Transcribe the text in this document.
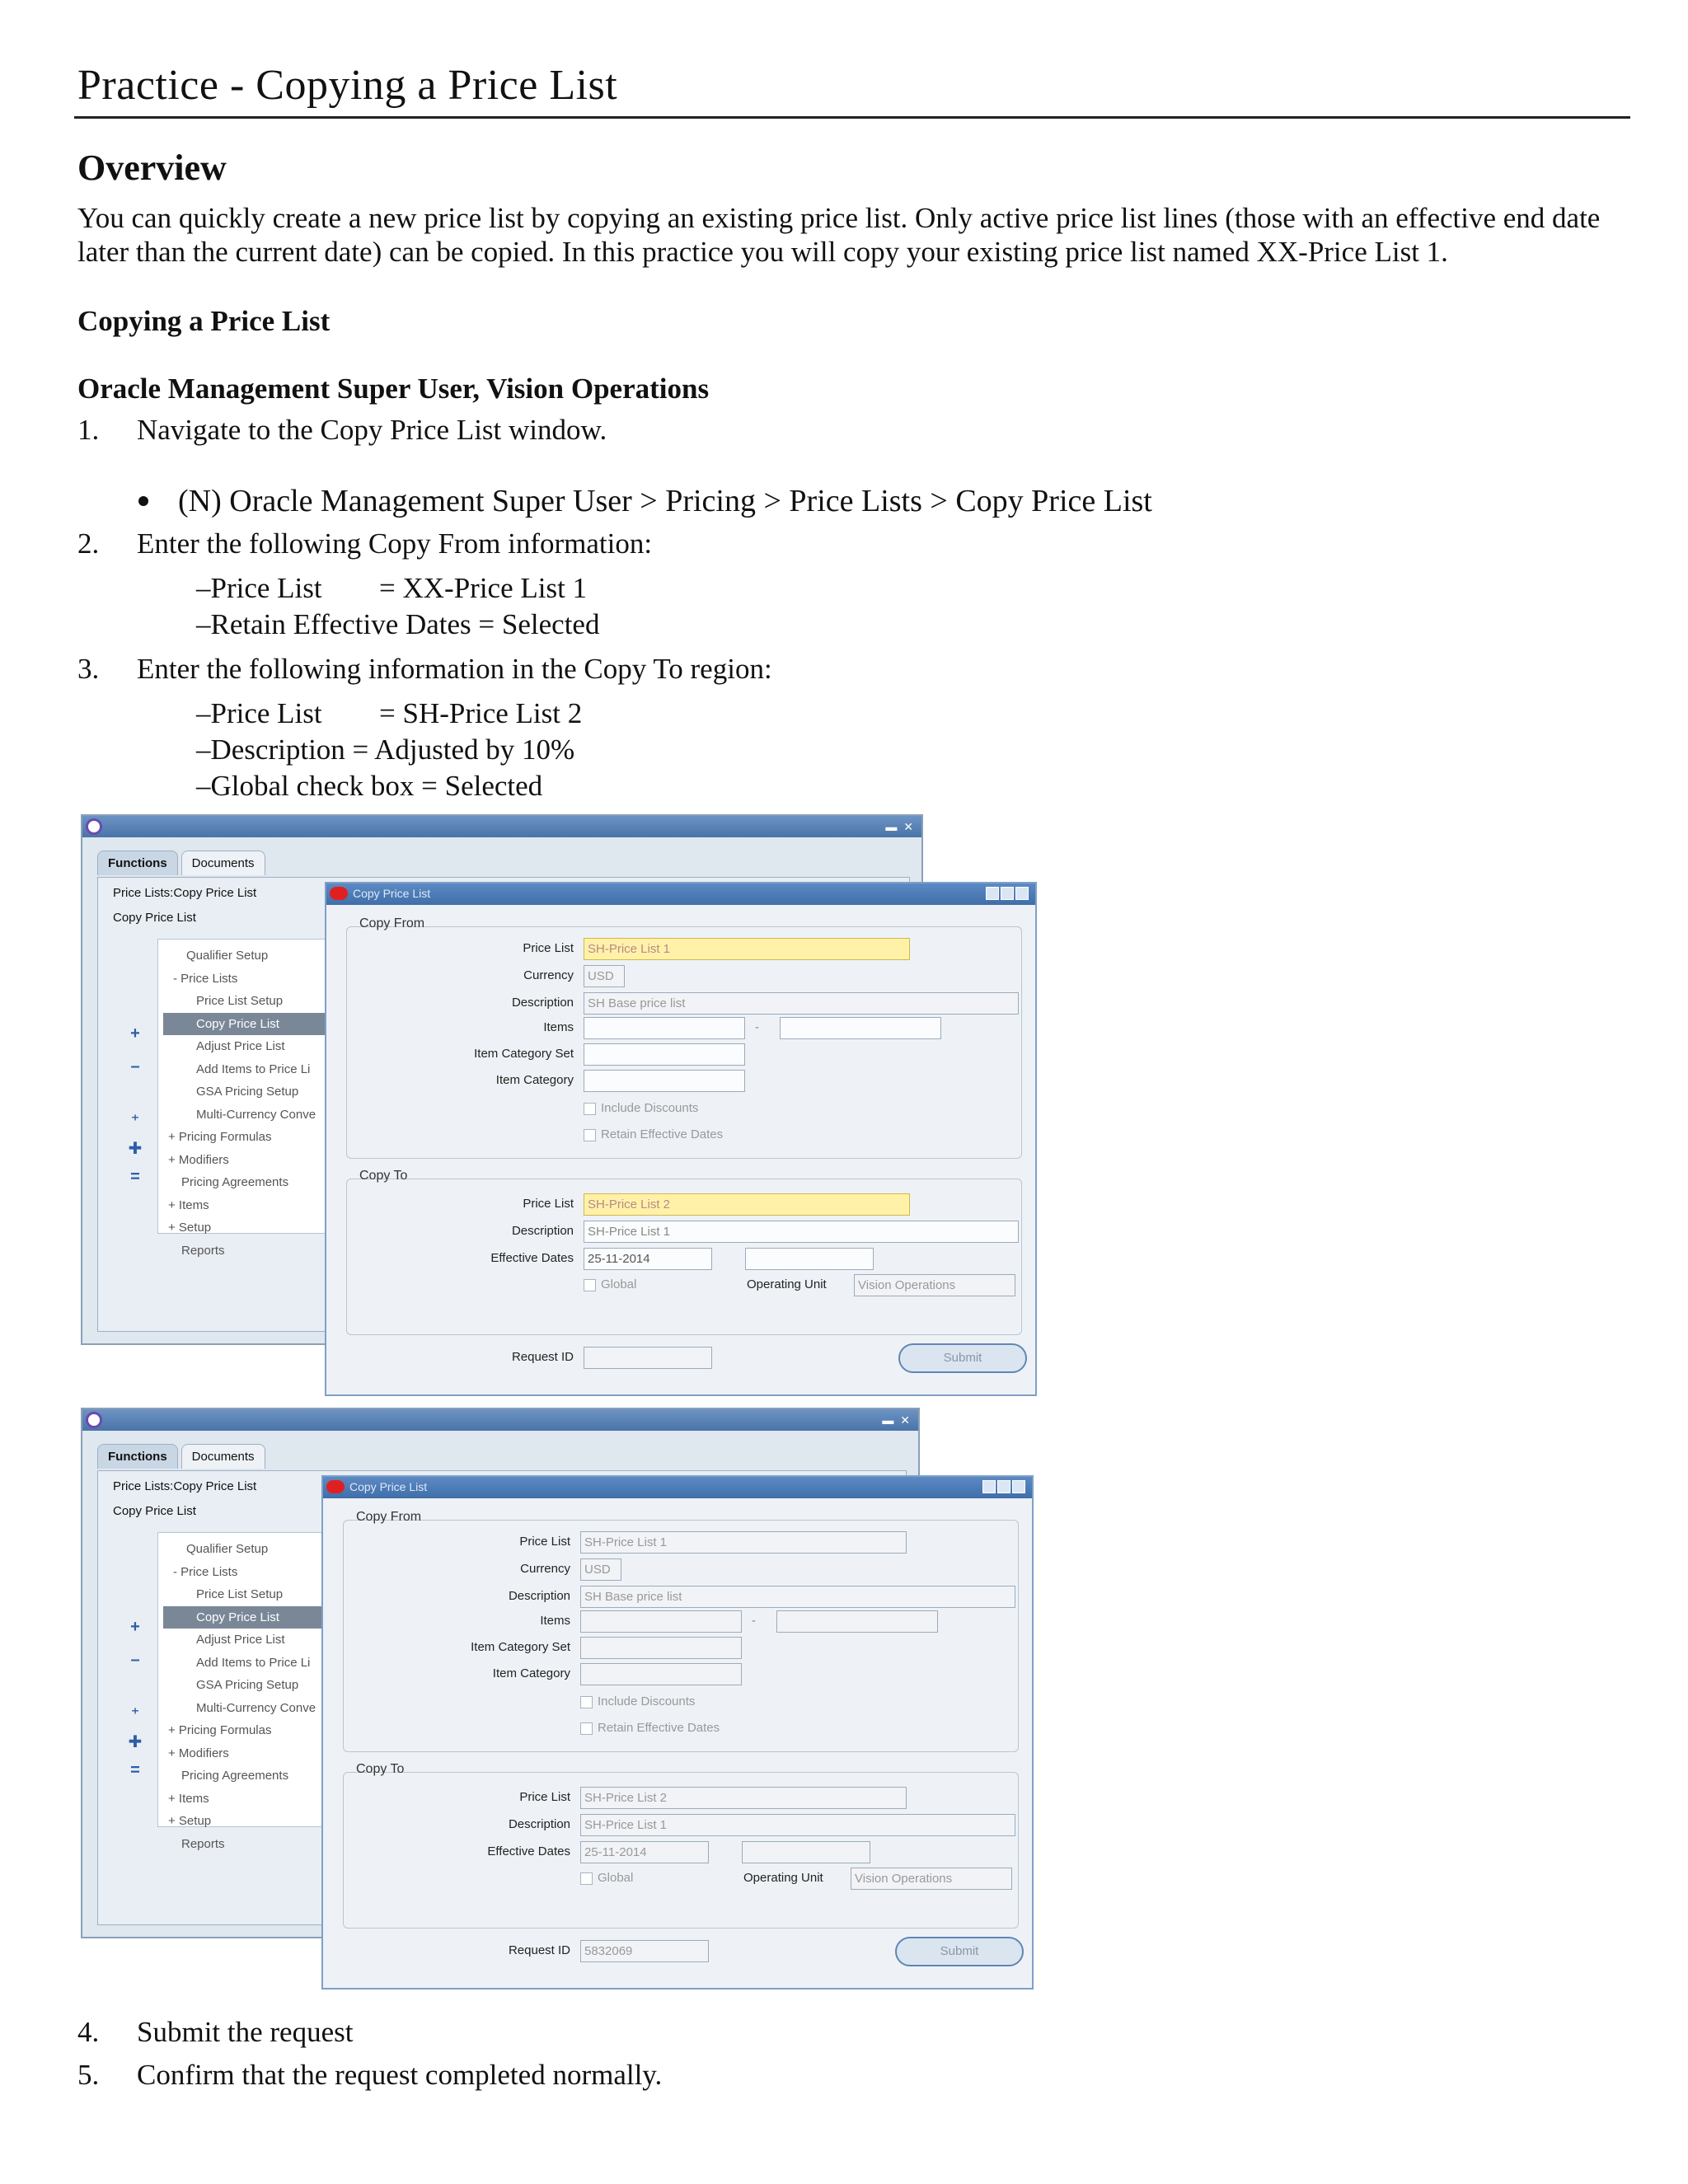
Practice - Copying a Price List
Overview
You can quickly create a new price list by copying an existing price list. Only active price list lines (those with an effective end date later than the current date) can be copied. In this practice you will copy your existing price list named XX-Price List 1.
Copying a Price List
Oracle Management Super User, Vision Operations
1. Navigate to the Copy Price List window.
(N) Oracle Management Super User > Pricing > Price Lists > Copy Price List
2. Enter the following Copy From information:
–Price List = XX-Price List 1
–Retain Effective Dates = Selected
3. Enter the following information in the Copy To region:
–Price List = SH-Price List 2
–Description = Adjusted by 10%
–Global check box = Selected
▬ ✕
Functions Documents
Price Lists:Copy Price List
Copy Price List
+
–
⁺
✚
=
Qualifier Setup
- Price Lists
Price List Setup
Copy Price List
Adjust Price List
Add Items to Price Li
GSA Pricing Setup
Multi-Currency Conve
+ Pricing Formulas
+ Modifiers
Pricing Agreements
+ Items
+ Setup
Reports
Copy Price List
Copy From
Price List	SH-Price List 1
Currency	USD
Description	SH Base price list
Items	-
Item Category Set
Item Category
Include Discounts
Retain Effective Dates
Copy To
Price List	SH-Price List 2
Description	SH-Price List 1
Effective Dates	25-11-2014
Global	Operating Unit	Vision Operations
Request ID	Submit
▬ ✕
Functions Documents
Price Lists:Copy Price List
Copy Price List
+
–
⁺
✚
=
Qualifier Setup
- Price Lists
Price List Setup
Copy Price List
Adjust Price List
Add Items to Price Li
GSA Pricing Setup
Multi-Currency Conve
+ Pricing Formulas
+ Modifiers
Pricing Agreements
+ Items
+ Setup
Reports
Copy Price List
Copy From
Price List	SH-Price List 1
Currency	USD
Description	SH Base price list
Items	-
Item Category Set
Item Category
Include Discounts
Retain Effective Dates
Copy To
Price List	SH-Price List 2
Description	SH-Price List 1
Effective Dates	25-11-2014
Global	Operating Unit	Vision Operations
Request ID	5832069	Submit
4. Submit the request
5. Confirm that the request completed normally.
